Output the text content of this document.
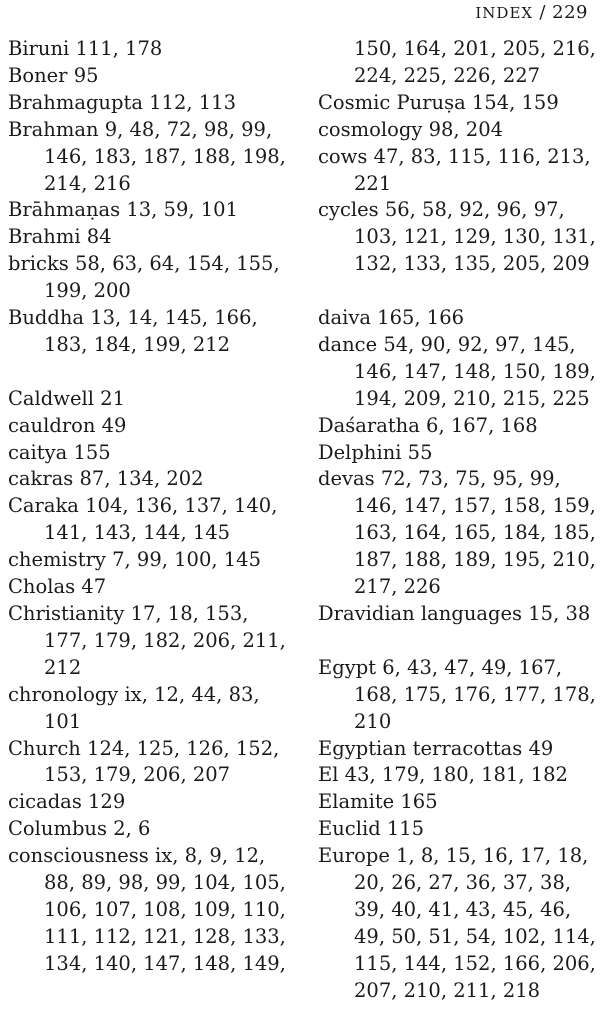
INDEX / 229
Biruni 111, 178
Boner 95
Brahmagupta 112, 113
Brahman 9, 48, 72, 98, 99, 146, 183, 187, 188, 198, 214, 216
Brāhmaṇas 13, 59, 101
Brahmi 84
bricks 58, 63, 64, 154, 155, 199, 200
Buddha 13, 14, 145, 166, 183, 184, 199, 212
Caldwell 21
cauldron 49
caitya 155
cakras 87, 134, 202
Caraka 104, 136, 137, 140, 141, 143, 144, 145
chemistry 7, 99, 100, 145
Cholas 47
Christianity 17, 18, 153, 177, 179, 182, 206, 211, 212
chronology ix, 12, 44, 83, 101
Church 124, 125, 126, 152, 153, 179, 206, 207
cicadas 129
Columbus 2, 6
consciousness ix, 8, 9, 12, 88, 89, 98, 99, 104, 105, 106, 107, 108, 109, 110, 111, 112, 121, 128, 133, 134, 140, 147, 148, 149,
150, 164, 201, 205, 216, 224, 225, 226, 227
Cosmic Puruṣa 154, 159
cosmology 98, 204
cows 47, 83, 115, 116, 213, 221
cycles 56, 58, 92, 96, 97, 103, 121, 129, 130, 131, 132, 133, 135, 205, 209
daiva 165, 166
dance 54, 90, 92, 97, 145, 146, 147, 148, 150, 189, 194, 209, 210, 215, 225
Daśaratha 6, 167, 168
Delphini 55
devas 72, 73, 75, 95, 99, 146, 147, 157, 158, 159, 163, 164, 165, 184, 185, 187, 188, 189, 195, 210, 217, 226
Dravidian languages 15, 38
Egypt 6, 43, 47, 49, 167, 168, 175, 176, 177, 178, 210
Egyptian terracottas 49
El 43, 179, 180, 181, 182
Elamite 165
Euclid 115
Europe 1, 8, 15, 16, 17, 18, 20, 26, 27, 36, 37, 38, 39, 40, 41, 43, 45, 46, 49, 50, 51, 54, 102, 114, 115, 144, 152, 166, 206, 207, 210, 211, 218
